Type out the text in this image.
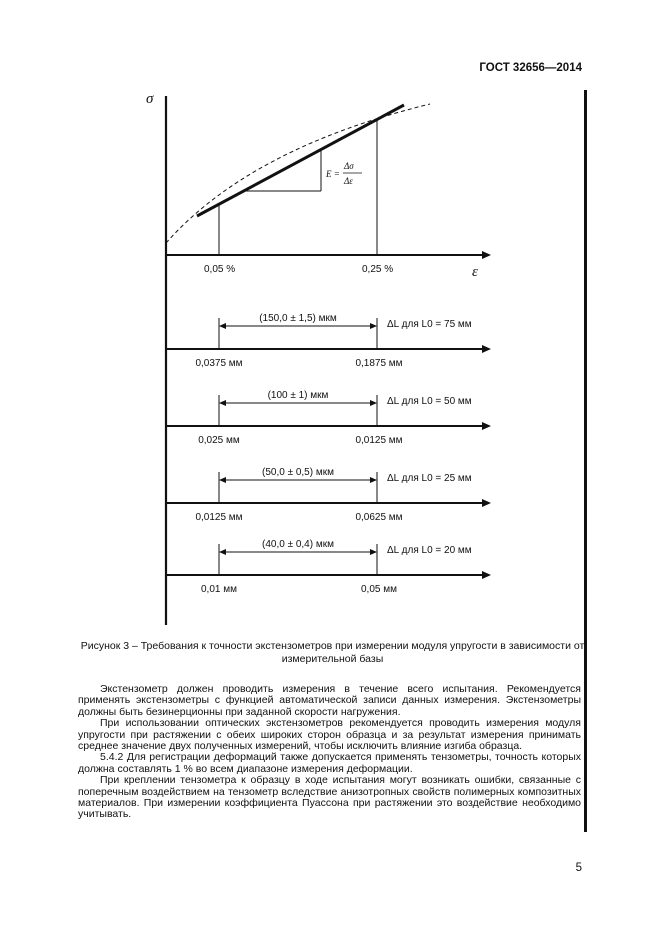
ГОСТ 32656—2014
σ
ε
E =
Δσ
Δε
0,05 %	0,25 %
(150,0 ± 1,5) мкм
ΔL для L0 = 75 мм
0,0375 мм	0,1875 мм
(100 ± 1) мкм
ΔL для L0 = 50 мм
0,025 мм	0,0125 мм
(50,0 ± 0,5) мкм
ΔL для L0 = 25 мм
0,0125 мм	0,0625 мм
(40,0 ± 0,4) мкм
ΔL для L0 = 20 мм
0,01 мм	0,05 мм
Рисунок 3 – Требования к точности экстензометров при измерении модуля упругости в зависимости от измерительной базы

Экстензометр должен проводить измерения в течение всего испытания. Рекомендуется применять экстензометры с функцией автоматической записи данных измерения. Экстензометры должны быть безинерционны при заданной скорости нагружения.

При использовании оптических экстензометров рекомендуется проводить измерения модуля упругости при растяжении с обеих широких сторон образца и за результат измерения принимать среднее значение двух полученных измерений, чтобы исключить влияние изгиба образца.

5.4.2 Для регистрации деформаций также допускается применять тензометры, точность которых должна составлять 1 % во всем диапазоне измерения деформации.

При креплении тензометра к образцу в ходе испытания могут возникать ошибки, связанные с поперечным воздействием на тензометр вследствие анизотропных свойств полимерных композитных материалов. При измерении коэффициента Пуассона при растяжении это воздействие необходимо учитывать.

5
